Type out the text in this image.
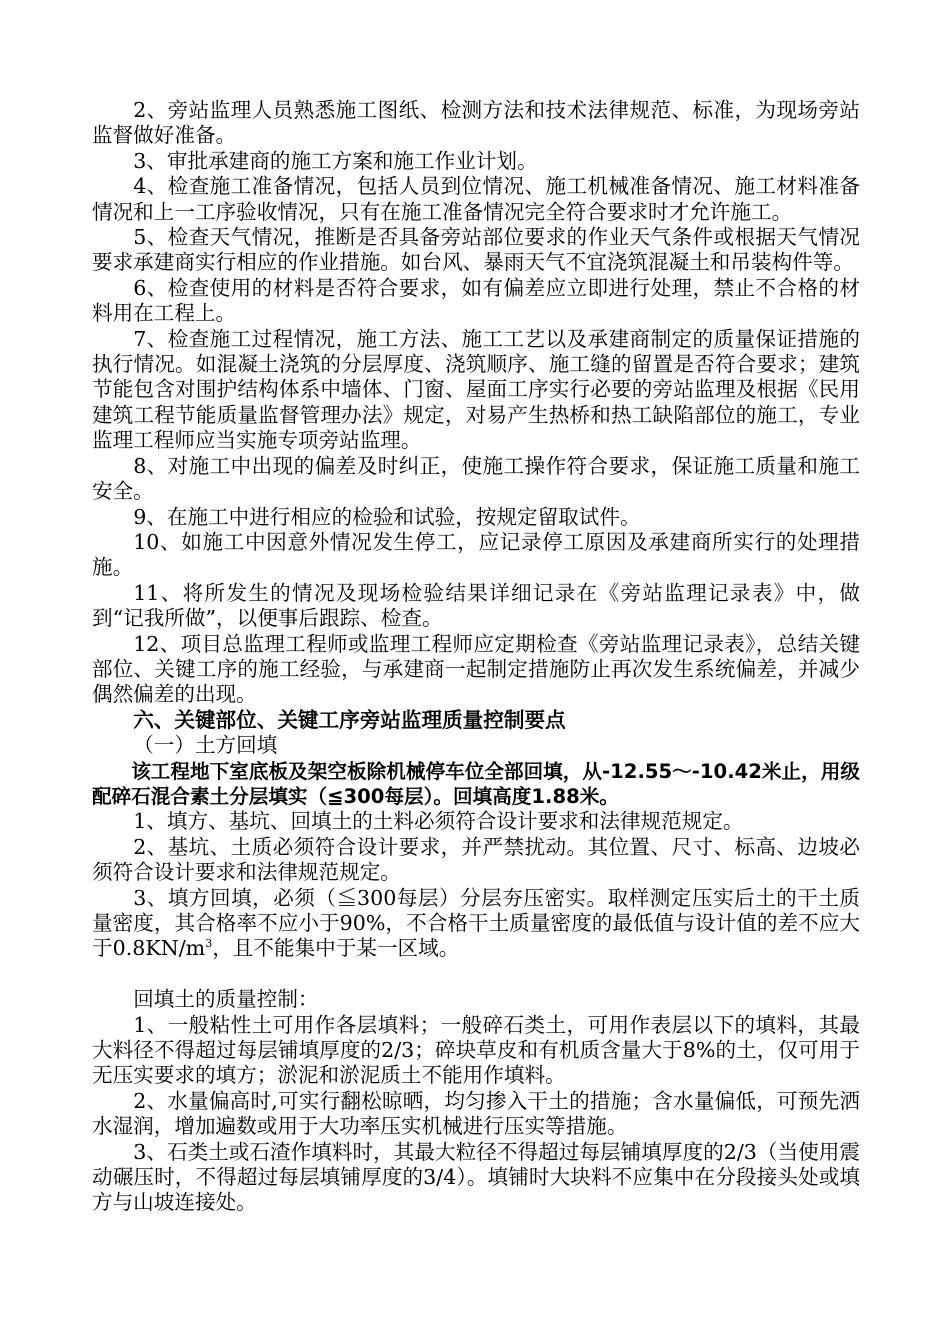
2、旁站监理人员熟悉施工图纸、检测方法和技术法律规范、标准，为现场旁站监督做好准备。

3、审批承建商的施工方案和施工作业计划。

4、检查施工准备情况，包括人员到位情况、施工机械准备情况、施工材料准备情况和上一工序验收情况，只有在施工准备情况完全符合要求时才允许施工。

5、检查天气情况，推断是否具备旁站部位要求的作业天气条件或根据天气情况要求承建商实行相应的作业措施。如台风、暴雨天气不宜浇筑混凝土和吊装构件等。

6、检查使用的材料是否符合要求，如有偏差应立即进行处理，禁止不合格的材料用在工程上。

7、检查施工过程情况，施工方法、施工工艺以及承建商制定的质量保证措施的执行情况。如混凝土浇筑的分层厚度、浇筑顺序、施工缝的留置是否符合要求；建筑节能包含对围护结构体系中墙体、门窗、屋面工序实行必要的旁站监理及根据《民用建筑工程节能质量监督管理办法》规定，对易产生热桥和热工缺陷部位的施工，专业监理工程师应当实施专项旁站监理。

8、对施工中出现的偏差及时纠正，使施工操作符合要求，保证施工质量和施工安全。

9、在施工中进行相应的检验和试验，按规定留取试件。

10、如施工中因意外情况发生停工，应记录停工原因及承建商所实行的处理措施。

11、将所发生的情况及现场检验结果详细记录在《旁站监理记录表》中，做到“记我所做”，以便事后跟踪、检查。

12、项目总监理工程师或监理工程师应定期检查《旁站监理记录表》，总结关键部位、关键工序的施工经验，与承建商一起制定措施防止再次发生系统偏差，并减少偶然偏差的出现。

六、关键部位、关键工序旁站监理质量控制要点

（一）土方回填

该工程地下室底板及架空板除机械停车位全部回填，从-12.55～-10.42米止，用级配碎石混合素土分层填实（≦300每层）。回填高度1.88米。

1、填方、基坑、回填土的土料必须符合设计要求和法律规范规定。

2、基坑、土质必须符合设计要求，并严禁扰动。其位置、尺寸、标高、边坡必须符合设计要求和法律规范规定。

3、填方回填，必须（≦300每层）分层夯压密实。取样测定压实后土的干土质量密度，其合格率不应小于90%，不合格干土质量密度的最低值与设计值的差不应大于$0.8KN/m^3$，且不能集中于某一区域。

回填土的质量控制：

1、一般粘性土可用作各层填料；一般碎石类土，可用作表层以下的填料，其最大料径不得超过每层铺填厚度的2/3；碎块草皮和有机质含量大于8%的土，仅可用于无压实要求的填方；淤泥和淤泥质土不能用作填料。

2、水量偏高时,可实行翻松晾晒，均匀掺入干土的措施；含水量偏低，可预先洒水湿润，增加遍数或用于大功率压实机械进行压实等措施。

3、石类土或石渣作填料时，其最大粒径不得超过每层铺填厚度的2/3（当使用震动碾压时，不得超过每层填铺厚度的3/4）。填铺时大块料不应集中在分段接头处或填方与山坡连接处。
